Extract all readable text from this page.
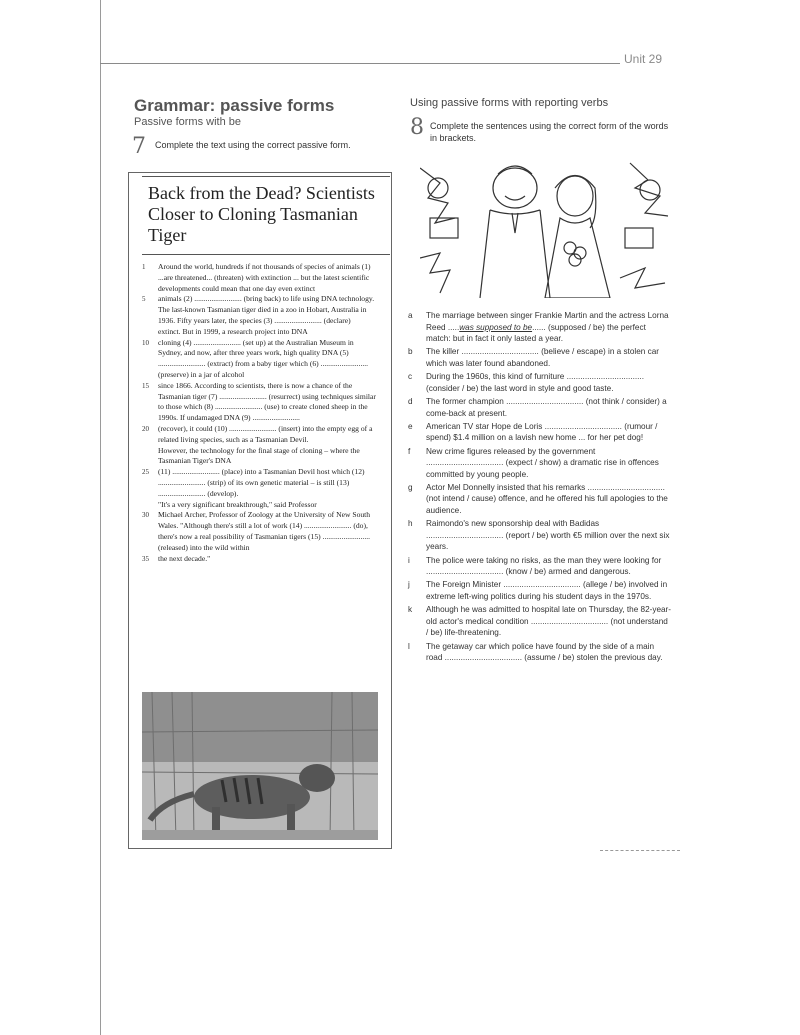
Unit 29
Grammar: passive forms
Passive forms with be
7 Complete the text using the correct passive form.
Back from the Dead? Scientists Closer to Cloning Tasmanian Tiger

1 Around the world, hundreds if not thousands of species of animals (1) ...are threatened... (threaten) with extinction ... but the latest scientific developments could mean that one day even extinct

5 animals (2) ......................... (bring back) to life using DNA technology. The last-known Tasmanian tiger died in a zoo in Hobart, Australia in 1936. Fifty years later, the species (3) ......................... (declare)

extinct. But in 1999, a research project into DNA

10 cloning (4) ......................... (set up) at the Australian Museum in Sydney, and now, after three years work, high quality DNA (5) ......................... (extract) from a baby tiger which (6) ......................... (preserve) in a jar of alcohol

15 since 1866. According to scientists, there is now a chance of the Tasmanian tiger (7) ......................... (resurrect) using techniques similar to those which (8) ......................... (use) to create cloned sheep in the 1990s. If undamaged DNA (9) .........................

20 (recover), it could (10) ......................... (insert) into the empty egg of a related living species, such as a Tasmanian Devil.

However, the technology for the final stage of cloning – where the Tasmanian Tiger's DNA

25 (11) ......................... (place) into a Tasmanian Devil host which (12) ......................... (strip) of its own genetic material – is still (13) ......................... (develop).

"It's a very significant breakthrough," said Professor

30 Michael Archer, Professor of Zoology at the University of New South Wales. "Although there's still a lot of work (14) ......................... (do), there's now a real possibility of Tasmanian tigers (15) ......................... (released) into the wild within

35 the next decade."

Using passive forms with reporting verbs
8 Complete the sentences using the correct form of the words in brackets.
a The marriage between singer Frankie Martin and the actress Lorna Reed .....was supposed to be...... (supposed / be) the perfect match: but in fact it only lasted a year.
b The killer .................................. (believe / escape) in a stolen car which was later found abandoned.
c During the 1960s, this kind of furniture .................................. (consider / be) the last word in style and good taste.
d The former champion .................................. (not think / consider) a come-back at present.
e American TV star Hope de Loris .................................. (rumour / spend) $1.4 million on a lavish new home ... for her pet dog!
f New crime figures released by the government .................................. (expect / show) a dramatic rise in offences committed by young people.
g Actor Mel Donnelly insisted that his remarks .................................. (not intend / cause) offence, and he offered his full apologies to the audience.
h Raimondo's new sponsorship deal with Badidas .................................. (report / be) worth €5 million over the next six years.
i The police were taking no risks, as the man they were looking for .................................. (know / be) armed and dangerous.
j The Foreign Minister .................................. (allege / be) involved in extreme left-wing politics during his student days in the 1970s.
k Although he was admitted to hospital late on Thursday, the 82-year-old actor's medical condition .................................. (not understand / be) life-threatening.
l The getaway car which police have found by the side of a main road .................................. (assume / be) stolen the previous day.
